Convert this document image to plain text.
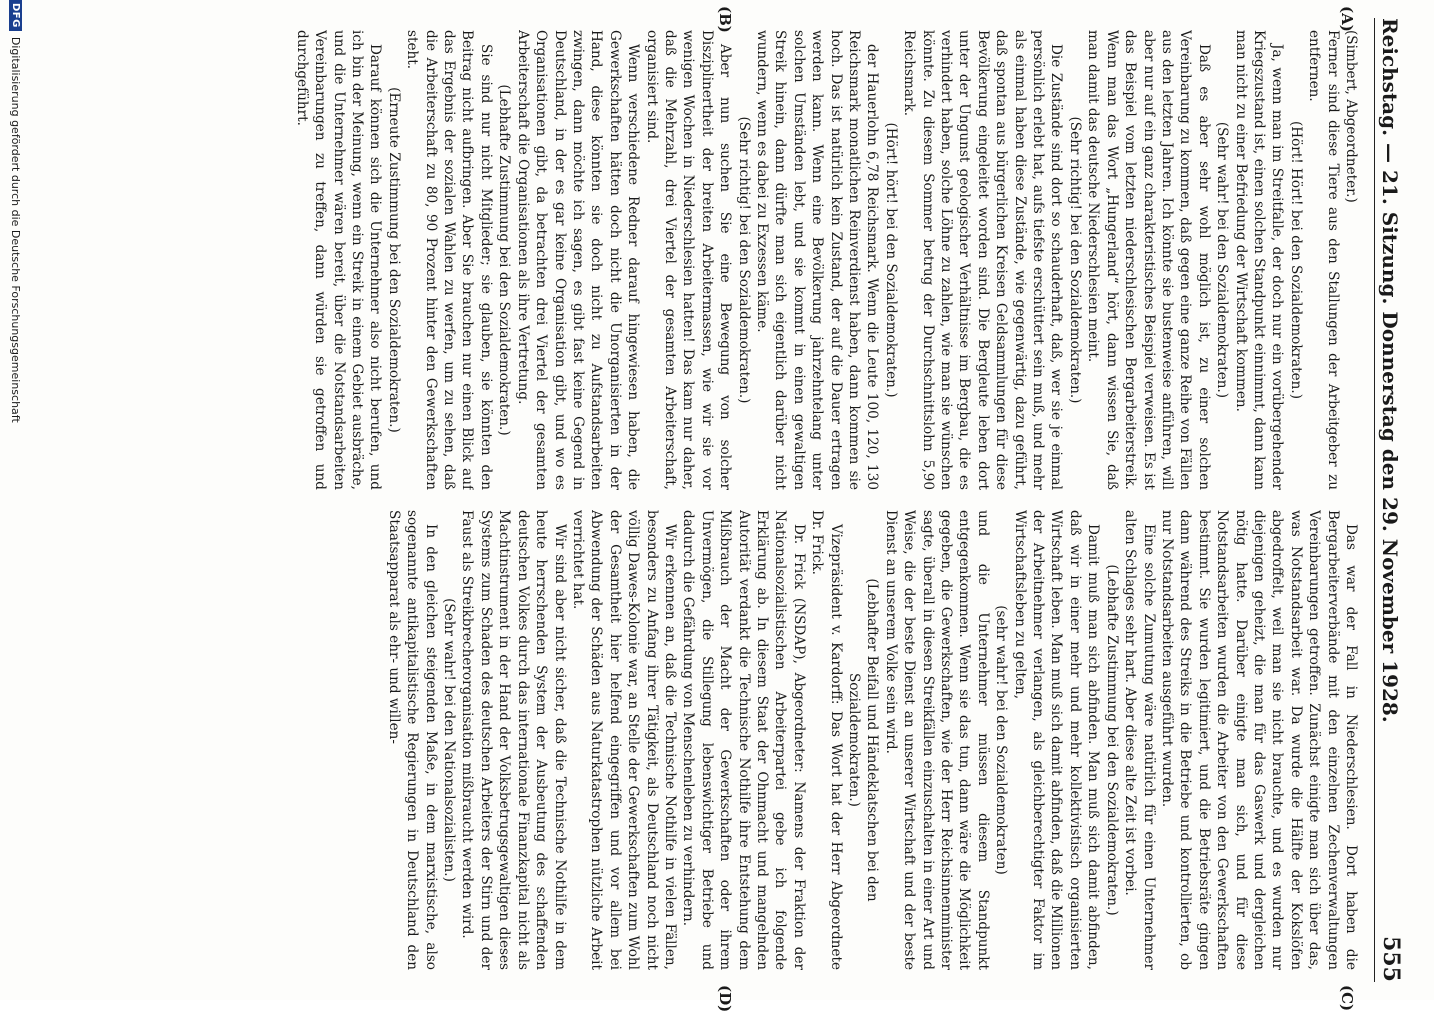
Reichstag. — 21. Sitzung. Donnerstag den 29. November 1928.
555
(A)
(B)
(C)
(D)

(Simbert, Abgeordneter.)

Ferner sind diese Tiere aus den Stallungen der Arbeitgeber zu entfernen.

(Hört! Hört! bei den Sozialdemokraten.)

Ja, wenn man im Streitfalle, der doch nur ein vorübergehender Kriegszustand ist, einen solchen Standpunkt einnimmt, dann kann man nicht zu einer Befriedung der Wirtschaft kommen.

(Sehr wahr! bei den Sozialdemokraten.)

Daß es aber sehr wohl möglich ist, zu einer solchen Vereinbarung zu kommen, daß gegen eine ganze Reihe von Fällen aus den letzten Jahren. Ich könnte sie bustenweise anführen, will aber nur auf ein ganz charakteristisches Beispiel verweisen. Es ist das Beispiel vom letzten niederschlesischen Bergarbeiterstreik. Wenn man das Wort „Hungerland“ hört, dann wissen Sie, daß man damit das deutsche Niederschlesien meint.

(Sehr richtig! bei den Sozialdemokraten.)

Die Zustände sind dort so schauderhaft, daß, wer sie je einmal persönlich erlebt hat, aufs tiefste erschüttert sein muß, und mehr als einmal haben diese Zustände, wie gegenwärtig, dazu geführt, daß spontan aus bürgerlichen Kreisen Geldsammlungen für diese Bevölkerung eingeleitet worden sind. Die Bergleute leben dort unter der Ungunst geologischer Verhältnisse im Bergbau, die es verhindert haben, solche Löhne zu zahlen, wie man sie wünschen könnte. Zu diesem Sommer betrug der Durchschnittslohn 5,90 Reichsmark.

(Hört! hört! bei den Sozialdemokraten.)

der Hauerlohn 6,78 Reichsmark. Wenn die Leute 100, 120, 130 Reichsmark monatlichen Reinverdienst haben, dann kommen sie hoch. Das ist natürlich kein Zustand, der auf die Dauer ertragen werden kann. Wenn eine Bevölkerung jahrzehntelang unter solchen Umständen lebt, und sie kommt in einen gewaltigen Streik hinein, dann dürfte man sich eigentlich darüber nicht wundern, wenn es dabei zu Exzessen käme.

(Sehr richtig! bei den Sozialdemokraten.)

Aber nun suchen Sie eine Bewegung von solcher Disziplinertheit der breiten Arbeitermassen, wie wir sie vor wenigen Wochen in Niederschlesien hatten! Das kam nur daher, daß die Mehrzahl, drei Viertel der gesamten Arbeiterschaft, organisiert sind.

Wenn verschiedene Redner darauf hingewiesen haben, die Gewerkschaften hätten doch nicht die Unorganisierten in der Hand, diese könnten sie doch nicht zu Aufstandsarbeiten zwingen, dann möchte ich sagen, es gibt fast keine Gegend in Deutschland, in der es gar keine Organisation gibt, und wo es Organisationen gibt, da betrachten drei Viertel der gesamten Arbeiterschaft die Organisationen als ihre Vertretung.

(Lebhafte Zustimmung bei den Sozialdemokraten.)

Sie sind nur nicht Mitglieder; sie glauben, sie könnten den Beitrag nicht aufbringen. Aber Sie brauchen nur einen Blick auf das Ergebnis der sozialen Wahlen zu werfen, um zu sehen, daß die Arbeiterschaft zu 80, 90 Prozent hinter den Gewerkschaften steht.

(Erneute Zustimmung bei den Sozialdemokraten.)

Darauf können sich die Unternehmer also nicht berufen, und ich bin der Meinung, wenn ein Streik in einem Gebiet ausbräche, und die Unternehmer wären bereit, über die Notstandsarbeiten Vereinbarungen zu treffen, dann würden sie getroffen und durchgeführt.

Das war der Fall in Niederschlesien. Dort haben die Bergarbeiterverbände mit den einzelnen Zechenverwaltungen Vereinbarungen getroffen. Zunächst einigte man sich über das, was Notstandsarbeit war. Da wurde die Hälfte der Kokslöfen abgedroffelt, weil man sie nicht brauchte, und es wurden nur diejenigen geheizt, die man für das Gaswerk und dergleichen nötig hatte. Darüber einigte man sich, und für diese Notstandsarbeiten wurden die Arbeiter von den Gewerkschaften bestimmt. Sie wurden legitimiert, und die Betriebsräte gingen dann während des Streiks in die Betriebe und kontrollierten, ob nur Notstandsarbeiten ausgeführt wurden.

Eine solche Zumutung wäre natürlich für einen Unternehmer alten Schlages sehr hart. Aber diese alte Zeit ist vorbei.

(Lebhafte Zustimmung bei den Sozialdemokraten.)

Damit muß man sich abfinden. Man muß sich damit abfinden, daß wir in einer mehr und mehr kollektivistisch organisierten Wirtschaft leben. Man muß sich damit abfinden, daß die Millionen der Arbeitnehmer verlangen, als gleichberechtigter Faktor im Wirtschaftsleben zu gelten,

(sehr wahr! bei den Sozialdemokraten)

und die Unternehmer müssen diesem Standpunkt entgegenkommen. Wenn sie das tun, dann wäre die Möglichkeit gegeben, die Gewerkschaften, wie der Herr Reichsinnenminister sagte, überall in diesen Streikfällen einzuschalten in einer Art und Weise, die der beste Dienst an unserer Wirtschaft und der beste Dienst an unserem Volke sein wird.

(Lebhafter Beifall und Händeklatschen bei den Sozialdemokraten.)

Vizepräsident v. Kardorff: Das Wort hat der Herr Abgeordnete Dr. Frick.

Dr. Frick (NSDAP), Abgeordneter: Namens der Fraktion der Nationalsozialistischen Arbeiterpartei gebe ich folgende Erklärung ab. In diesem Staat der Ohnmacht und mangelnden Autorität verdankt die Technische Nothilfe ihre Entstehung dem Mißbrauch der Macht der Gewerkschaften oder ihrem Unvermögen, die Stillegung lebenswichtiger Betriebe und dadurch die Gefährdung von Menschenleben zu verhindern.

Wir erkennen an, daß die Technische Nothilfe in vielen Fällen, besonders zu Anfang ihrer Tätigkeit, als Deutschland noch nicht völlig Dawes-Kolonie war, an Stelle der Gewerkschaften zum Wohl der Gesamtheit hier helfend eingegriffen und vor allem bei Abwendung der Schäden aus Naturkatastrophen nützliche Arbeit verrichtet hat.

Wir sind aber nicht sicher, daß die Technische Nothilfe in dem heute herrschenden System der Ausbeutung des schaffenden deutschen Volkes durch das internationale Finanzkapital nicht als Machtinstrument in der Hand der Volksbetrugsgewaltigen dieses Systems zum Schaden des deutschen Arbeiters der Stirn und der Faust als Streikbrecherorganisation mißbraucht werden wird.

(Sehr wahr! bei den Nationalsozialisten.)

In den gleichen steigenden Maße, in dem marxistische, also sogenannte antikapitalistische Regierungen in Deutschland den Staatsapparat als ehr- und willen-

DFG
Digitalisierung gefördert durch die Deutsche Forschungsgemeinschaft
